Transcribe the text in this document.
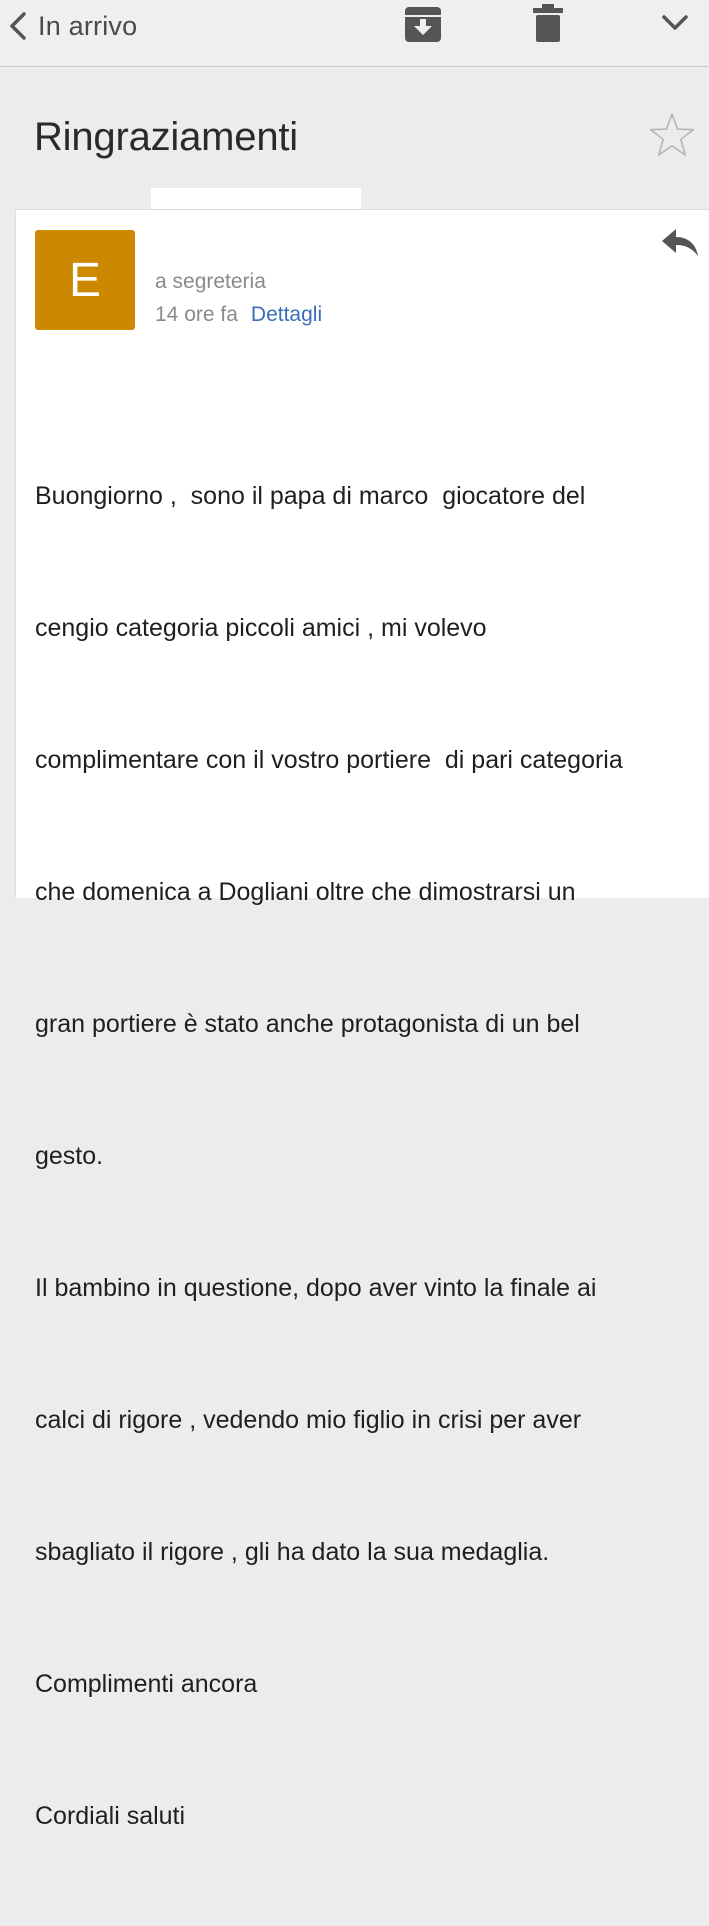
In arrivo
Ringraziamenti
E	a segreteria
14 ore fa Dettagli

Buongiorno ,  sono il papa di marco  giocatore del

cengio categoria piccoli amici , mi volevo

complimentare con il vostro portiere  di pari categoria

che domenica a Dogliani oltre che dimostrarsi un

gran portiere è stato anche protagonista di un bel

gesto.

Il bambino in questione, dopo aver vinto la finale ai

calci di rigore , vedendo mio figlio in crisi per aver

sbagliato il rigore , gli ha dato la sua medaglia.

Complimenti ancora

Cordiali saluti
